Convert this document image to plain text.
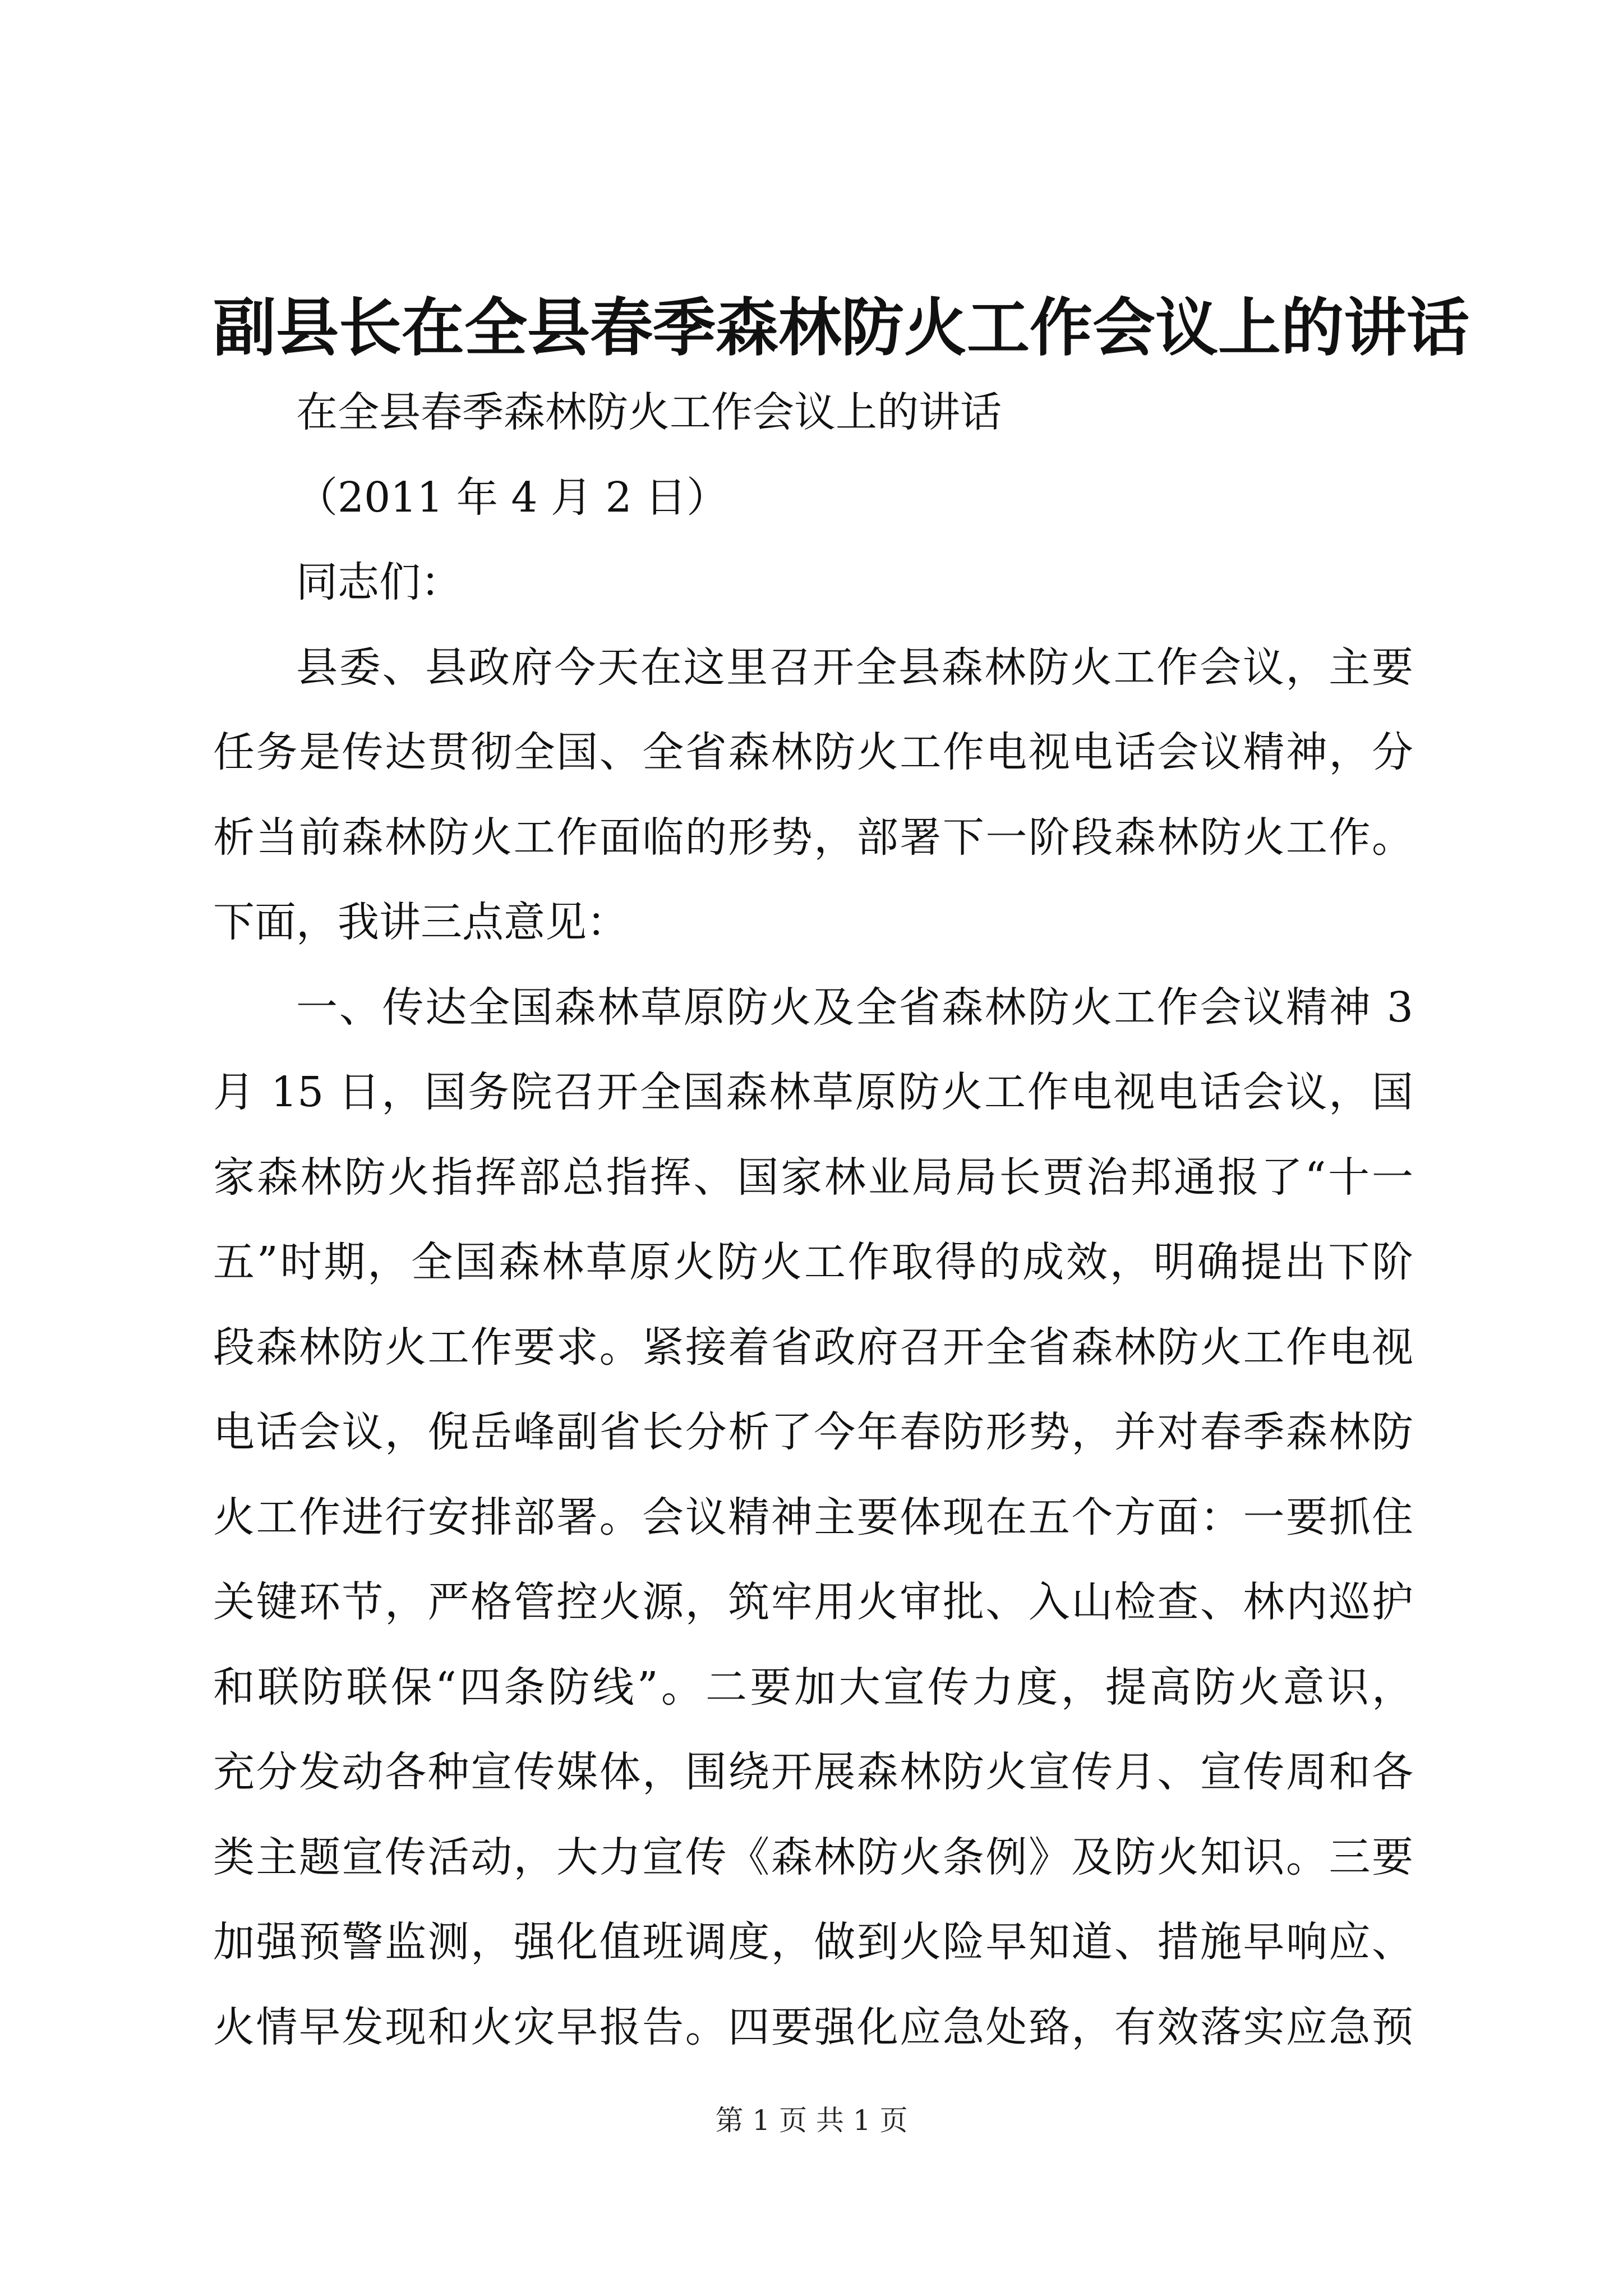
副县长在全县春季森林防火工作会议上的讲话
在全县春季森林防火工作会议上的讲话
（2011 年 4 月 2 日）
同志们：
县委、县政府今天在这里召开全县森林防火工作会议，主要
任务是传达贯彻全国、全省森林防火工作电视电话会议精神，分
析当前森林防火工作面临的形势，部署下一阶段森林防火工作。
下面，我讲三点意见：
一、传达全国森林草原防火及全省森林防火工作会议精神 3
月 15 日，国务院召开全国森林草原防火工作电视电话会议，国
家森林防火指挥部总指挥、国家林业局局长贾治邦通报了“十一
五”时期，全国森林草原火防火工作取得的成效，明确提出下阶
段森林防火工作要求。紧接着省政府召开全省森林防火工作电视
电话会议，倪岳峰副省长分析了今年春防形势，并对春季森林防
火工作进行安排部署。会议精神主要体现在五个方面：一要抓住
关键环节，严格管控火源，筑牢用火审批、入山检查、林内巡护
和联防联保“四条防线”。二要加大宣传力度，提高防火意识，
充分发动各种宣传媒体，围绕开展森林防火宣传月、宣传周和各
类主题宣传活动，大力宣传《森林防火条例》及防火知识。三要
加强预警监测，强化值班调度，做到火险早知道、措施早响应、
火情早发现和火灾早报告。四要强化应急处臵，有效落实应急预
第 1 页 共 1 页
